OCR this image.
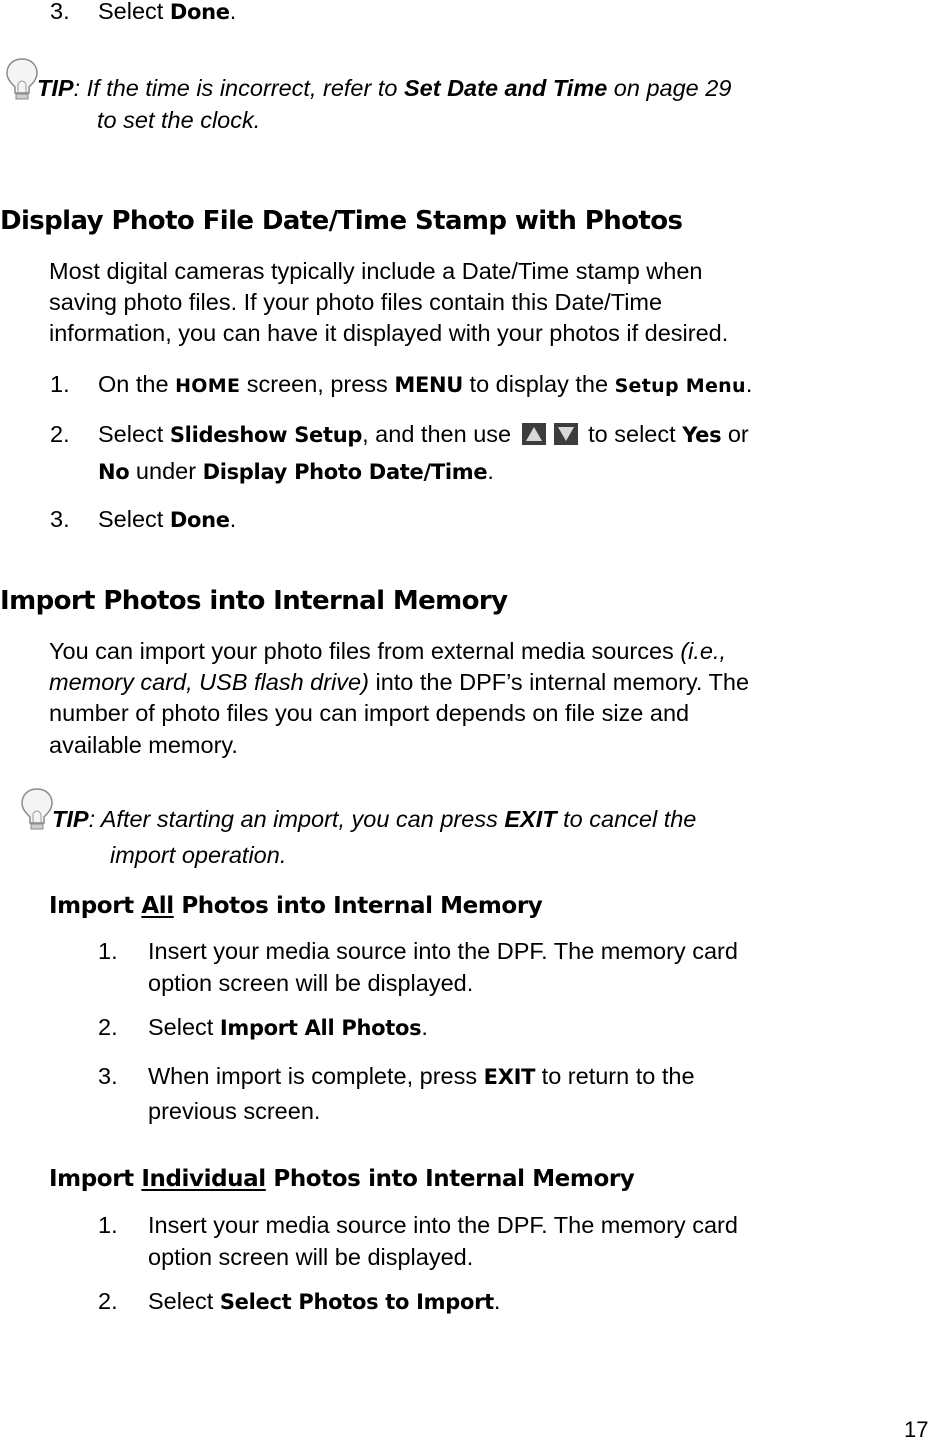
3. Select Done.
TIP: If the time is incorrect, refer to Set Date and Time on page 29
to set the clock.
Display Photo File Date/Time Stamp with Photos
Most digital cameras typically include a Date/Time stamp when
saving photo files. If your photo files contain this Date/Time
information, you can have it displayed with your photos if desired.
1. On the HOME screen, press MENU to display the Setup Menu.
2. Select Slideshow Setup, and then use	to select Yes or
No under Display Photo Date/Time.
3. Select Done.
Import Photos into Internal Memory
You can import your photo files from external media sources (i.e.,
memory card, USB flash drive) into the DPF’s internal memory. The
number of photo files you can import depends on file size and
available memory.
TIP: After starting an import, you can press EXIT to cancel the
import operation.
Import All Photos into Internal Memory
1. Insert your media source into the DPF. The memory card
option screen will be displayed.
2. Select Import All Photos.
3. When import is complete, press EXIT to return to the
previous screen.
Import Individual Photos into Internal Memory
1. Insert your media source into the DPF. The memory card
option screen will be displayed.
2. Select Select Photos to Import.
17
